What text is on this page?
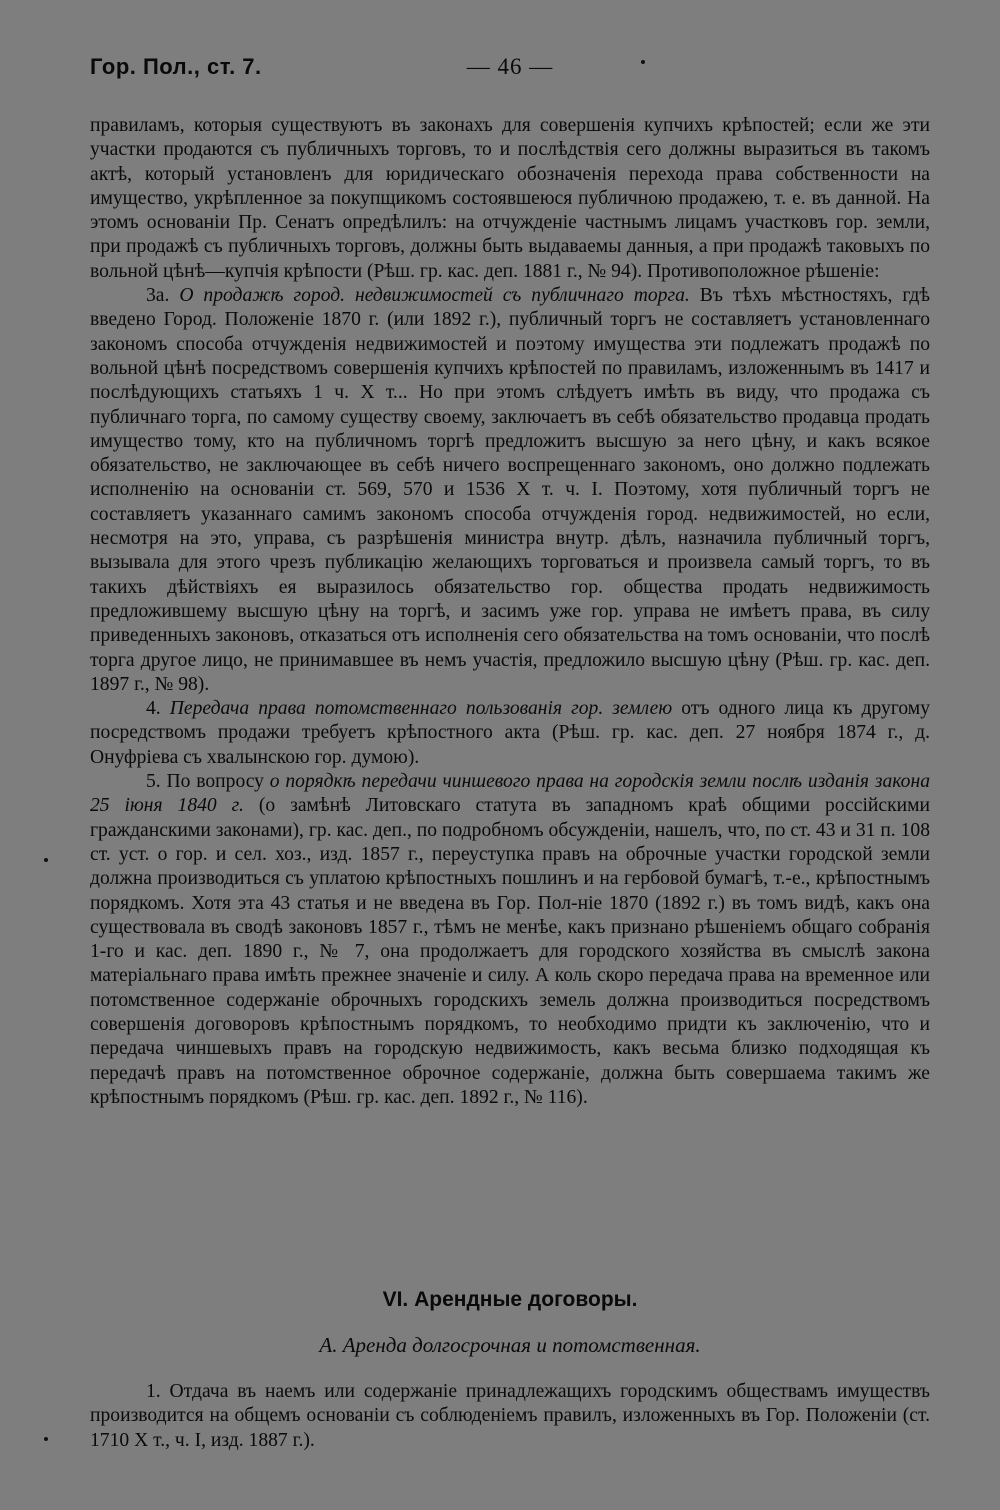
Гор. Пол., ст. 7.	— 46 —

правиламъ, которыя существуютъ въ законахъ для совершенія купчихъ крѣпостей; если же эти участки продаются съ публичныхъ торговъ, то и послѣдствія сего должны выразиться въ такомъ актѣ, который установленъ для юридическаго обозначенія перехода права собственности на имущество, укрѣпленное за покупщикомъ состоявшеюся публичною продажею, т. е. въ данной. На этомъ основаніи Пр. Сенатъ опредѣлилъ: на отчужденіе частнымъ лицамъ участковъ гор. земли, при продажѣ съ публичныхъ торговъ, должны быть выдаваемы данныя, а при продажѣ таковыхъ по вольной цѣнѣ—купчія крѣпости (Рѣш. гр. кас. деп. 1881 г., № 94). Противоположное рѣшеніе:

3а. О продажѣ город. недвижимостей съ публичнаго торга. Въ тѣхъ мѣстностяхъ, гдѣ введено Город. Положеніе 1870 г. (или 1892 г.), публичный торгъ не составляетъ установленнаго закономъ способа отчужденія недвижимостей и поэтому имущества эти подлежатъ продажѣ по вольной цѣнѣ посредствомъ совершенія купчихъ крѣпостей по правиламъ, изложеннымъ въ 1417 и послѣдующихъ статьяхъ 1 ч. X т... Но при этомъ слѣдуетъ имѣть въ виду, что продажа съ публичнаго торга, по самому существу своему, заключаетъ въ себѣ обязательство продавца продать имущество тому, кто на публичномъ торгѣ предложитъ высшую за него цѣну, и какъ всякое обязательство, не заключающее въ себѣ ничего воспрещеннаго закономъ, оно должно подлежать исполненію на основаніи ст. 569, 570 и 1536 X т. ч. I. Поэтому, хотя публичный торгъ не составляетъ указаннаго самимъ закономъ способа отчужденія город. недвижимостей, но если, несмотря на это, управа, съ разрѣшенія министра внутр. дѣлъ, назначила публичный торгъ, вызывала для этого чрезъ публикацію желающихъ торговаться и произвела самый торгъ, то въ такихъ дѣйствіяхъ ея выразилось обязательство гор. общества продать недвижимость предложившему высшую цѣну на торгѣ, и засимъ уже гор. управа не имѣетъ права, въ силу приведенныхъ законовъ, отказаться отъ исполненія сего обязательства на томъ основаніи, что послѣ торга другое лицо, не принимавшее въ немъ участія, предложило высшую цѣну (Рѣш. гр. кас. деп. 1897 г., № 98).

4. Передача права потомственнаго пользованія гор. землею отъ одного лица къ другому посредствомъ продажи требуетъ крѣпостного акта (Рѣш. гр. кас. деп. 27 ноября 1874 г., д. Онуфріева съ хвалынскою гор. думою).

5. По вопросу о порядкѣ передачи чиншевого права на городскія земли послѣ изданія закона 25 іюня 1840 г. (о замѣнѣ Литовскаго статута въ западномъ краѣ общими россійскими гражданскими законами), гр. кас. деп., по подробномъ обсужденіи, нашелъ, что, по ст. 43 и 31 п. 108 ст. уст. о гор. и сел. хоз., изд. 1857 г., переуступка правъ на оброчные участки городской земли должна производиться съ уплатою крѣпостныхъ пошлинъ и на гербовой бумагѣ, т.-е., крѣпостнымъ порядкомъ. Хотя эта 43 статья и не введена въ Гор. Пол-ніе 1870 (1892 г.) въ томъ видѣ, какъ она существовала въ сводѣ законовъ 1857 г., тѣмъ не менѣе, какъ признано рѣшеніемъ общаго собранія 1-го и кас. деп. 1890 г., № 7, она продолжаетъ для городского хозяйства въ смыслѣ закона матеріальнаго права имѣть прежнее значеніе и силу. А коль скоро передача права на временное или потомственное содержаніе оброчныхъ городскихъ земель должна производиться посредствомъ совершенія договоровъ крѣпостнымъ порядкомъ, то необходимо придти къ заключенію, что и передача чиншевыхъ правъ на городскую недвижимость, какъ весьма близко подходящая къ передачѣ правъ на потомственное оброчное содержаніе, должна быть совершаема такимъ же крѣпостнымъ порядкомъ (Рѣш. гр. кас. деп. 1892 г., № 116).

VI. Арендные договоры.
А. Аренда долгосрочная и потомственная.

1. Отдача въ наемъ или содержаніе принадлежащихъ городскимъ обществамъ имуществъ производится на общемъ основаніи съ соблюденіемъ правилъ, изложенныхъ въ Гор. Положеніи (ст. 1710 X т., ч. I, изд. 1887 г.).
